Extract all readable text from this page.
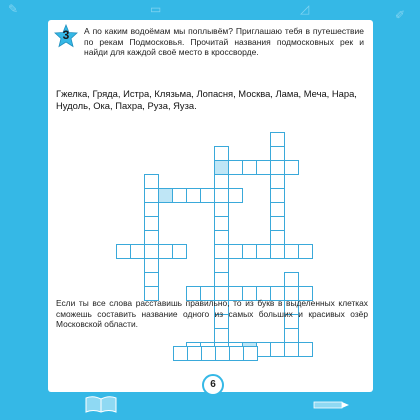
✎	▭	◿	✐
3	А по каким водоёмам мы поплывём? Приглашаю тебя в путешествие по рекам Подмосковья. Прочитай названия подмосковных рек и найди для каждой своё место в кроссворде.
Гжелка, Гряда, Истра, Клязьма, Лопасня, Москва, Лама, Меча, Нара, Нудоль, Ока, Пахра, Руза, Яуза.
Если ты все слова расставишь правильно, то из букв в выделенных клетках сможешь составить название одного из самых больших и красивых озёр Московской области.
6
